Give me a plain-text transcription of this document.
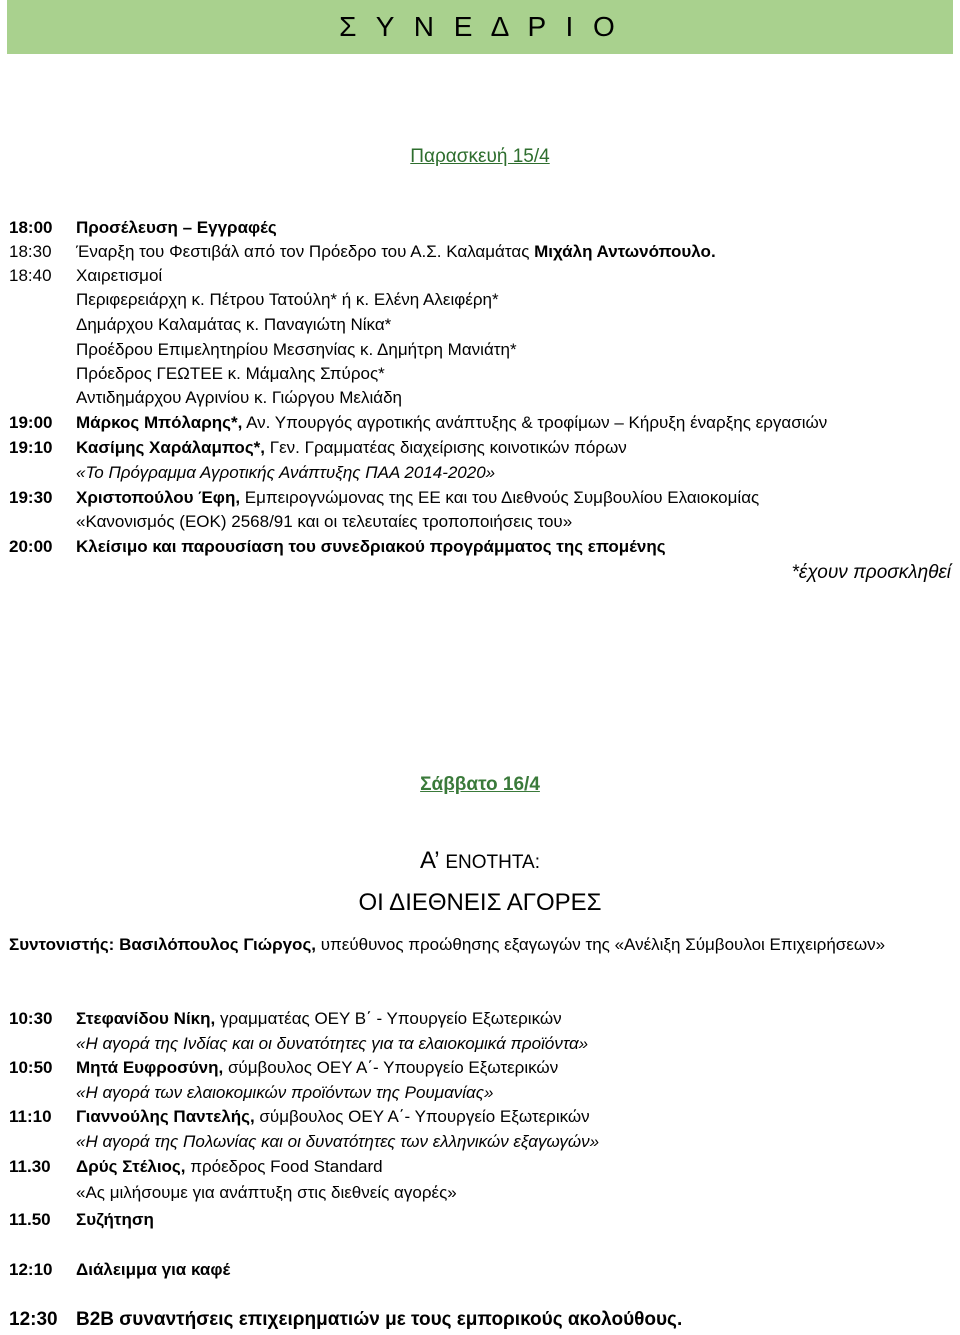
Σ Υ Ν Ε Δ Ρ Ι Ο
Παρασκευή 15/4
18:00	Προσέλευση – Εγγραφές
18:30	Έναρξη του Φεστιβάλ από τον Πρόεδρο του Α.Σ. Καλαμάτας Μιχάλη Αντωνόπουλο.
18:40	Χαιρετισμοί
Περιφερειάρχη κ. Πέτρου Τατούλη* ή κ. Ελένη Αλειφέρη*
Δημάρχου Καλαμάτας κ. Παναγιώτη Νίκα*
Προέδρου Επιμελητηρίου Μεσσηνίας κ. Δημήτρη Μανιάτη*
Πρόεδρος ΓΕΩΤΕΕ κ. Μάμαλης Σπύρος*
Αντιδημάρχου Αγρινίου κ. Γιώργου Μελιάδη
19:00	Μάρκος Μπόλαρης*, Αν. Υπουργός αγροτικής ανάπτυξης & τροφίμων – Κήρυξη έναρξης εργασιών
19:10	Κασίμης Χαράλαμπος*, Γεν. Γραμματέας διαχείρισης κοινοτικών πόρων
«Το Πρόγραμμα Αγροτικής Ανάπτυξης ΠΑΑ 2014-2020»
19:30	Χριστοπούλου Έφη, Εμπειρογνώμονας της ΕΕ και του Διεθνούς Συμβουλίου Ελαιοκομίας
«Κανονισμός (ΕΟΚ) 2568/91 και οι τελευταίες τροποποιήσεις του»
20:00	Κλείσιμο και παρουσίαση του συνεδριακού προγράμματος της επομένης
*έχουν προσκληθεί
Σάββατο 16/4
Α’ ΕΝΟΤΗΤΑ:
ΟΙ ΔΙΕΘΝΕΙΣ ΑΓΟΡΕΣ
Συντονιστής: Βασιλόπουλος Γιώργος, υπεύθυνος προώθησης εξαγωγών της «Ανέλιξη Σύμβουλοι Επιχειρήσεων»
10:30	Στεφανίδου Νίκη, γραμματέας ΟΕΥ Β΄ - Υπουργείο Εξωτερικών
«Η αγορά της Ινδίας και οι δυνατότητες για τα ελαιοκομικά προϊόντα»
10:50	Μητά Ευφροσύνη, σύμβουλος ΟΕΥ Α΄- Υπουργείο Εξωτερικών
«Η αγορά των ελαιοκομικών προϊόντων της Ρουμανίας»
11:10	Γιαννούλης Παντελής, σύμβουλος ΟΕΥ Α΄- Υπουργείο Εξωτερικών
«Η αγορά της Πολωνίας και οι δυνατότητες των ελληνικών εξαγωγών»
11.30	Δρύς Στέλιος, πρόεδρος Food Standard
«Ας μιλήσουμε για ανάπτυξη στις διεθνείς αγορές»
11.50	Συζήτηση
12:10	Διάλειμμα για καφέ
12:30 B2B συναντήσεις επιχειρηματιών με τους εμπορικούς ακολούθους.
